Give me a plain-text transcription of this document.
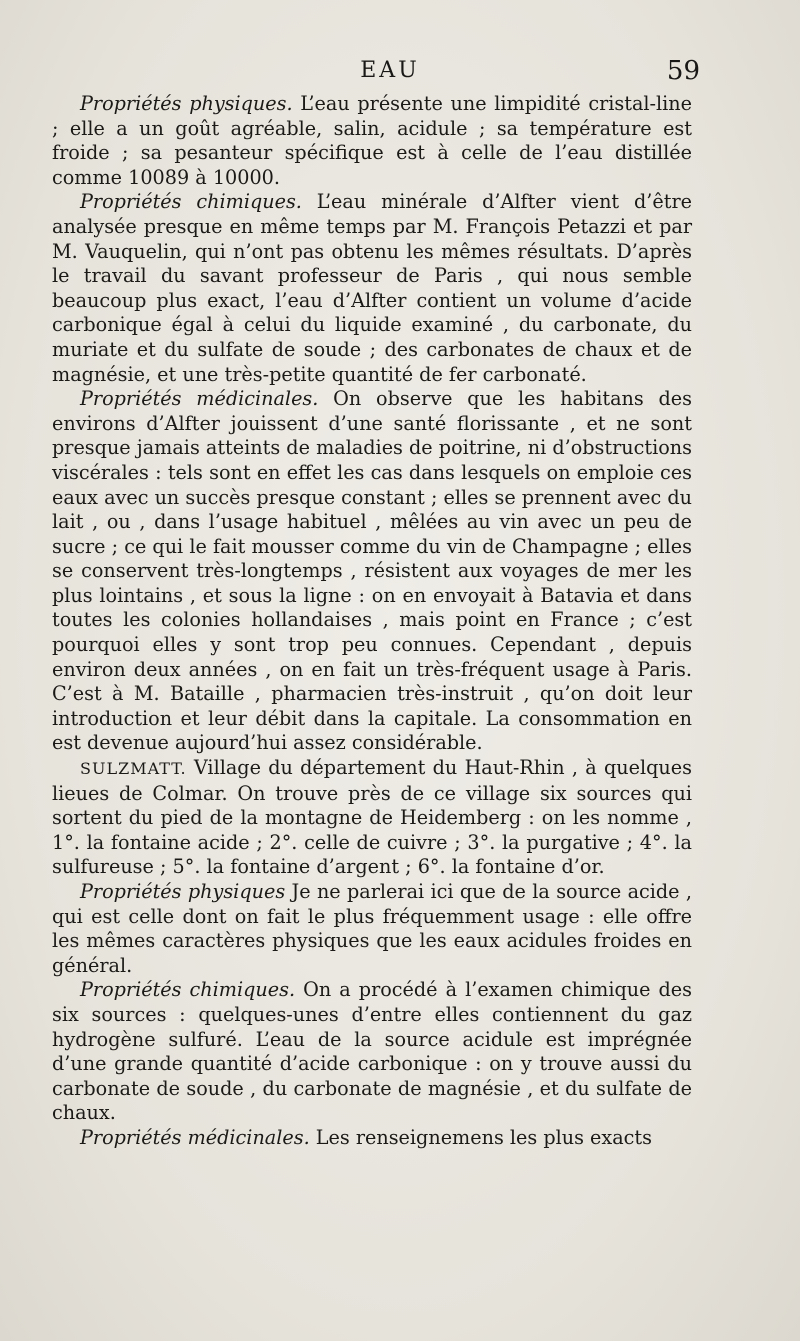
EAU	59

Propriétés physiques. L’eau présente une limpidité cristal-line ; elle a un goût agréable, salin, acidule ; sa température est froide ; sa pesanteur spécifique est à celle de l’eau distillée comme 10089 à 10000.

Propriétés chimiques. L’eau minérale d’Alfter vient d’être analysée presque en même temps par M. François Petazzi et par M. Vauquelin, qui n’ont pas obtenu les mêmes résultats. D’après le travail du savant professeur de Paris , qui nous semble beaucoup plus exact, l’eau d’Alfter contient un volume d’acide carbonique égal à celui du liquide examiné , du carbonate, du muriate et du sulfate de soude ; des carbonates de chaux et de magnésie, et une très-petite quantité de fer carbonaté.

Propriétés médicinales. On observe que les habitans des environs d’Alfter jouissent d’une santé florissante , et ne sont presque jamais atteints de maladies de poitrine, ni d’obstructions viscérales : tels sont en effet les cas dans lesquels on emploie ces eaux avec un succès presque constant ; elles se prennent avec du lait , ou , dans l’usage habituel , mêlées au vin avec un peu de sucre ; ce qui le fait mousser comme du vin de Champagne ; elles se conservent très-longtemps , résistent aux voyages de mer les plus lointains , et sous la ligne : on en envoyait à Batavia et dans toutes les colonies hollandaises , mais point en France ; c’est pourquoi elles y sont trop peu connues. Cependant , depuis environ deux années , on en fait un très-fréquent usage à Paris. C’est à M. Bataille , pharmacien très-instruit , qu’on doit leur introduction et leur débit dans la capitale. La consommation en est devenue aujourd’hui assez considérable.

SULZMATT. Village du département du Haut-Rhin , à quelques lieues de Colmar. On trouve près de ce village six sources qui sortent du pied de la montagne de Heidemberg : on les nomme , 1°. la fontaine acide ; 2°. celle de cuivre ; 3°. la purgative ; 4°. la sulfureuse ; 5°. la fontaine d’argent ; 6°. la fontaine d’or.

Propriétés physiques Je ne parlerai ici que de la source acide , qui est celle dont on fait le plus fréquemment usage : elle offre les mêmes caractères physiques que les eaux acidules froides en général.

Propriétés chimiques. On a procédé à l’examen chimique des six sources : quelques-unes d’entre elles contiennent du gaz hydrogène sulfuré. L’eau de la source acidule est imprégnée d’une grande quantité d’acide carbonique : on y trouve aussi du carbonate de soude , du carbonate de magnésie , et du sulfate de chaux.

Propriétés médicinales. Les renseignemens les plus exacts
